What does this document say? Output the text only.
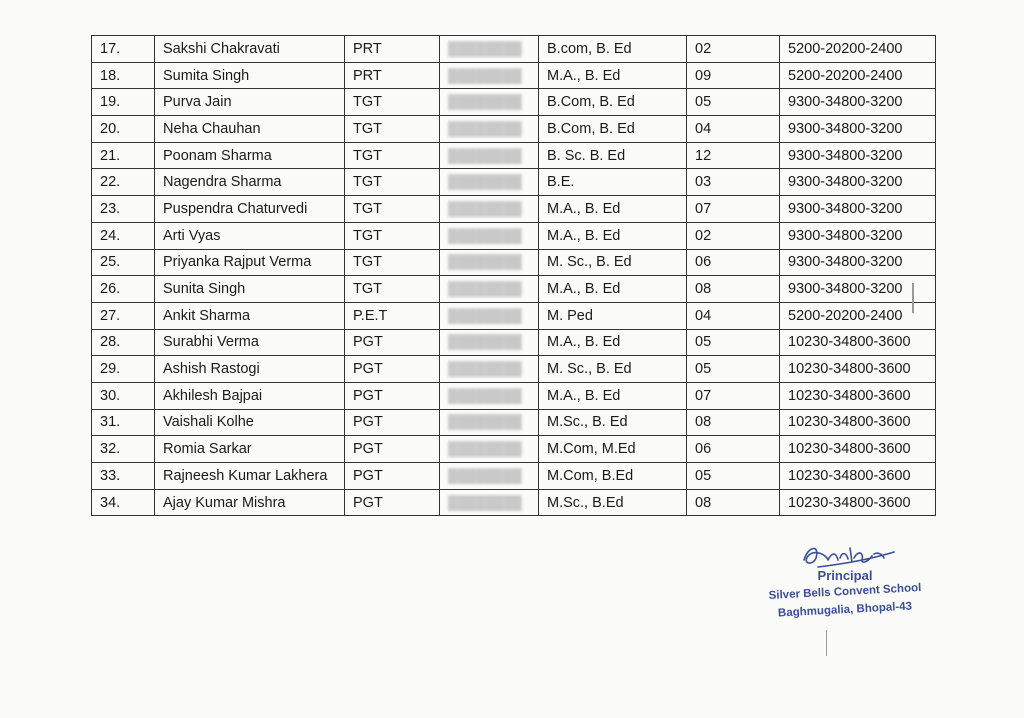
17.	Sakshi Chakravati	PRT	████████	B.com, B. Ed	02	5200-20200-2400
18.	Sumita Singh	PRT	████████	M.A., B. Ed	09	5200-20200-2400
19.	Purva Jain	TGT	████████	B.Com, B. Ed	05	9300-34800-3200
20.	Neha Chauhan	TGT	████████	B.Com, B. Ed	04	9300-34800-3200
21.	Poonam Sharma	TGT	████████	B. Sc. B. Ed	12	9300-34800-3200
22.	Nagendra Sharma	TGT	████████	B.E.	03	9300-34800-3200
23.	Puspendra Chaturvedi	TGT	████████	M.A., B. Ed	07	9300-34800-3200
24.	Arti Vyas	TGT	████████	M.A., B. Ed	02	9300-34800-3200
25.	Priyanka Rajput Verma	TGT	████████	M. Sc., B. Ed	06	9300-34800-3200
26.	Sunita Singh	TGT	████████	M.A., B. Ed	08	9300-34800-3200
27.	Ankit Sharma	P.E.T	████████	M. Ped	04	5200-20200-2400
28.	Surabhi Verma	PGT	████████	M.A., B. Ed	05	10230-34800-3600
29.	Ashish Rastogi	PGT	████████	M. Sc., B. Ed	05	10230-34800-3600
30.	Akhilesh Bajpai	PGT	████████	M.A., B. Ed	07	10230-34800-3600
31.	Vaishali Kolhe	PGT	████████	M.Sc., B. Ed	08	10230-34800-3600
32.	Romia Sarkar	PGT	████████	M.Com, M.Ed	06	10230-34800-3600
33.	Rajneesh Kumar Lakhera	PGT	████████	M.Com, B.Ed	05	10230-34800-3600
34.	Ajay Kumar Mishra	PGT	████████	M.Sc., B.Ed	08	10230-34800-3600
Principal
Silver Bells Convent School
Baghmugalia, Bhopal-43
